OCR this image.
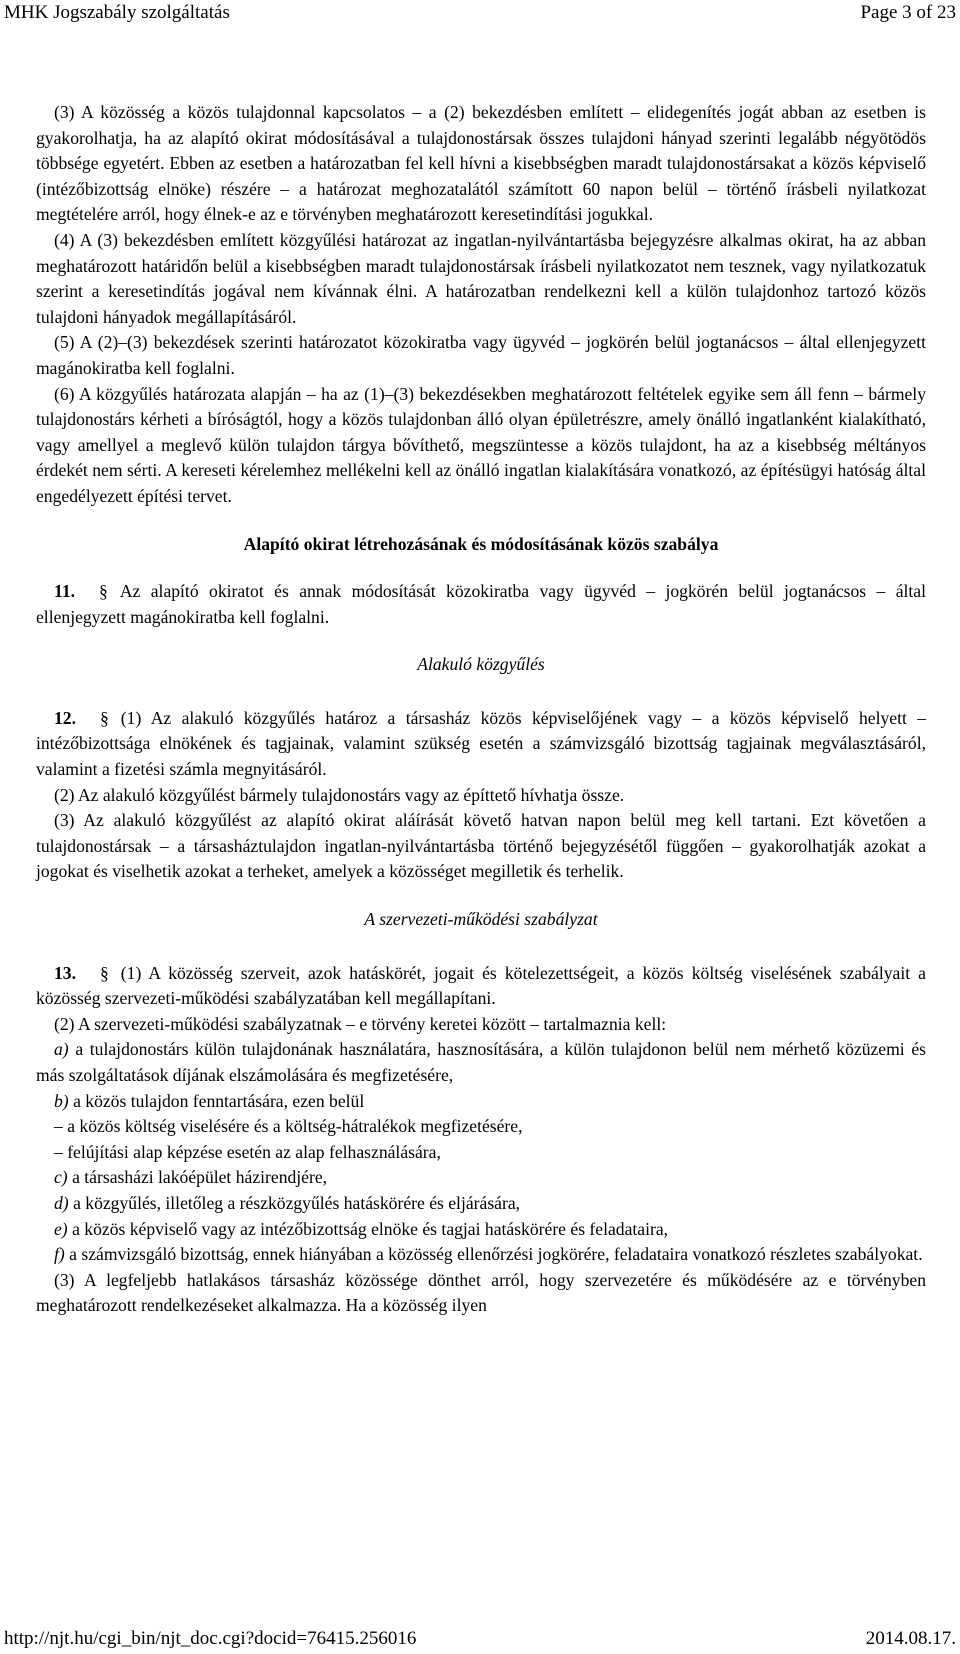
MHK Jogszabály szolgáltatás	Page 3 of 23

(3) A közösség a közös tulajdonnal kapcsolatos – a (2) bekezdésben említett – elidegenítés jogát abban az esetben is gyakorolhatja, ha az alapító okirat módosításával a tulajdonostársak összes tulajdoni hányad szerinti legalább négyötödös többsége egyetért. Ebben az esetben a határozatban fel kell hívni a kisebbségben maradt tulajdonostársakat a közös képviselő (intézőbizottság elnöke) részére – a határozat meghozatalától számított 60 napon belül – történő írásbeli nyilatkozat megtételére arról, hogy élnek-e az e törvényben meghatározott keresetindítási jogukkal.

(4) A (3) bekezdésben említett közgyűlési határozat az ingatlan-nyilvántartásba bejegyzésre alkalmas okirat, ha az abban meghatározott határidőn belül a kisebbségben maradt tulajdonostársak írásbeli nyilatkozatot nem tesznek, vagy nyilatkozatuk szerint a keresetindítás jogával nem kívánnak élni. A határozatban rendelkezni kell a külön tulajdonhoz tartozó közös tulajdoni hányadok megállapításáról.

(5) A (2)–(3) bekezdések szerinti határozatot közokiratba vagy ügyvéd – jogkörén belül jogtanácsos – által ellenjegyzett magánokiratba kell foglalni.

(6) A közgyűlés határozata alapján – ha az (1)–(3) bekezdésekben meghatározott feltételek egyike sem áll fenn – bármely tulajdonostárs kérheti a bíróságtól, hogy a közös tulajdonban álló olyan épületrészre, amely önálló ingatlanként kialakítható, vagy amellyel a meglevő külön tulajdon tárgya bővíthető, megszüntesse a közös tulajdont, ha az a kisebbség méltányos érdekét nem sérti. A kereseti kérelemhez mellékelni kell az önálló ingatlan kialakítására vonatkozó, az építésügyi hatóság által engedélyezett építési tervet.

Alapító okirat létrehozásának és módosításának közös szabálya

11. § Az alapító okiratot és annak módosítását közokiratba vagy ügyvéd – jogkörén belül jogtanácsos – által ellenjegyzett magánokiratba kell foglalni.

Alakuló közgyűlés

12. § (1) Az alakuló közgyűlés határoz a társasház közös képviselőjének vagy – a közös képviselő helyett – intézőbizottsága elnökének és tagjainak, valamint szükség esetén a számvizsgáló bizottság tagjainak megválasztásáról, valamint a fizetési számla megnyitásáról.

(2) Az alakuló közgyűlést bármely tulajdonostárs vagy az építtető hívhatja össze.

(3) Az alakuló közgyűlést az alapító okirat aláírását követő hatvan napon belül meg kell tartani. Ezt követően a tulajdonostársak – a társasháztulajdon ingatlan-nyilvántartásba történő bejegyzésétől függően – gyakorolhatják azokat a jogokat és viselhetik azokat a terheket, amelyek a közösséget megilletik és terhelik.

A szervezeti-működési szabályzat

13. § (1) A közösség szerveit, azok hatáskörét, jogait és kötelezettségeit, a közös költség viselésének szabályait a közösség szervezeti-működési szabályzatában kell megállapítani.

(2) A szervezeti-működési szabályzatnak – e törvény keretei között – tartalmaznia kell:

a) a tulajdonostárs külön tulajdonának használatára, hasznosítására, a külön tulajdonon belül nem mérhető közüzemi és más szolgáltatások díjának elszámolására és megfizetésére,

b) a közös tulajdon fenntartására, ezen belül

– a közös költség viselésére és a költség-hátralékok megfizetésére,

– felújítási alap képzése esetén az alap felhasználására,

c) a társasházi lakóépület házirendjére,

d) a közgyűlés, illetőleg a részközgyűlés hatáskörére és eljárására,

e) a közös képviselő vagy az intézőbizottság elnöke és tagjai hatáskörére és feladataira,

f) a számvizsgáló bizottság, ennek hiányában a közösség ellenőrzési jogkörére, feladataira vonatkozó részletes szabályokat.

(3) A legfeljebb hatlakásos társasház közössége dönthet arról, hogy szervezetére és működésére az e törvényben meghatározott rendelkezéseket alkalmazza. Ha a közösség ilyen

http://njt.hu/cgi_bin/njt_doc.cgi?docid=76415.256016	2014.08.17.
